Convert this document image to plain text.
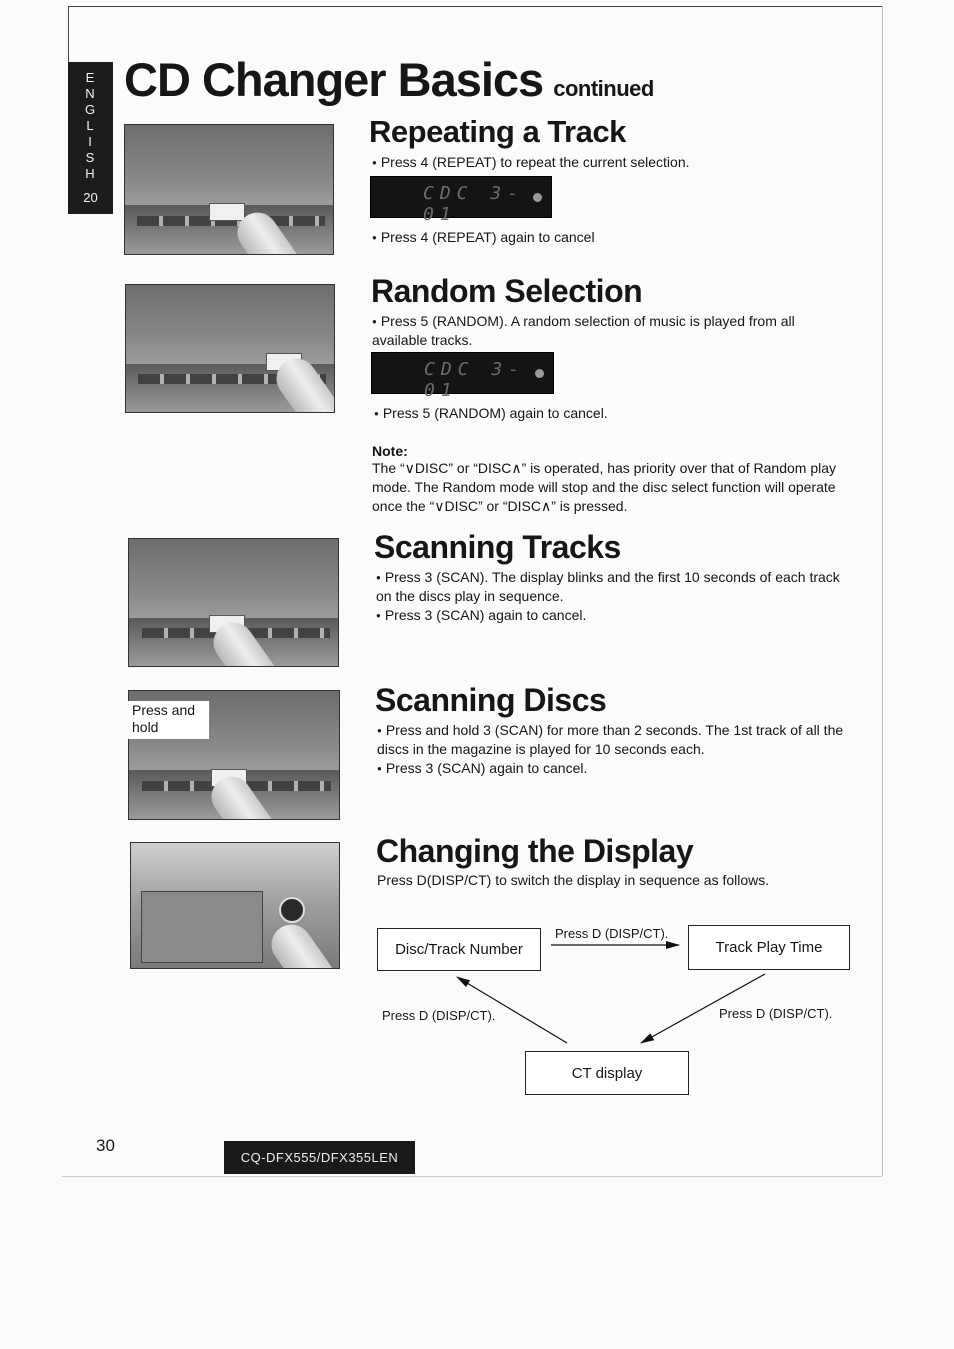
E
N
G
L
I
S
H
20
CD Changer Basics continued
Repeating a Track
● Press 4 (REPEAT) to repeat the current selection.
CDC 3-01
● Press 4 (REPEAT) again to cancel
Random Selection
● Press 5 (RANDOM). A random selection of music is played from all available tracks.
CDC 3-01
● Press 5 (RANDOM) again to cancel.
Note:
The “∨DISC” or “DISC∧” is operated, has priority over that of Random play mode. The Random mode will stop and the disc select function will operate once the “∨DISC” or “DISC∧” is pressed.
Scanning Tracks
● Press 3 (SCAN). The display blinks and the first 10 seconds of each track on the discs play in sequence.
● Press 3 (SCAN) again to cancel.
Press and hold
Scanning Discs
● Press and hold 3 (SCAN) for more than 2 seconds. The 1st track of all the discs in the magazine is played for 10 seconds each.
● Press 3 (SCAN) again to cancel.
Changing the Display
Press D(DISP/CT) to switch the display in sequence as follows.
Disc/Track Number	Track Play Time
CT display
Press D (DISP/CT).
Press D (DISP/CT).
Press D (DISP/CT).
30
CQ-DFX555/DFX355LEN
